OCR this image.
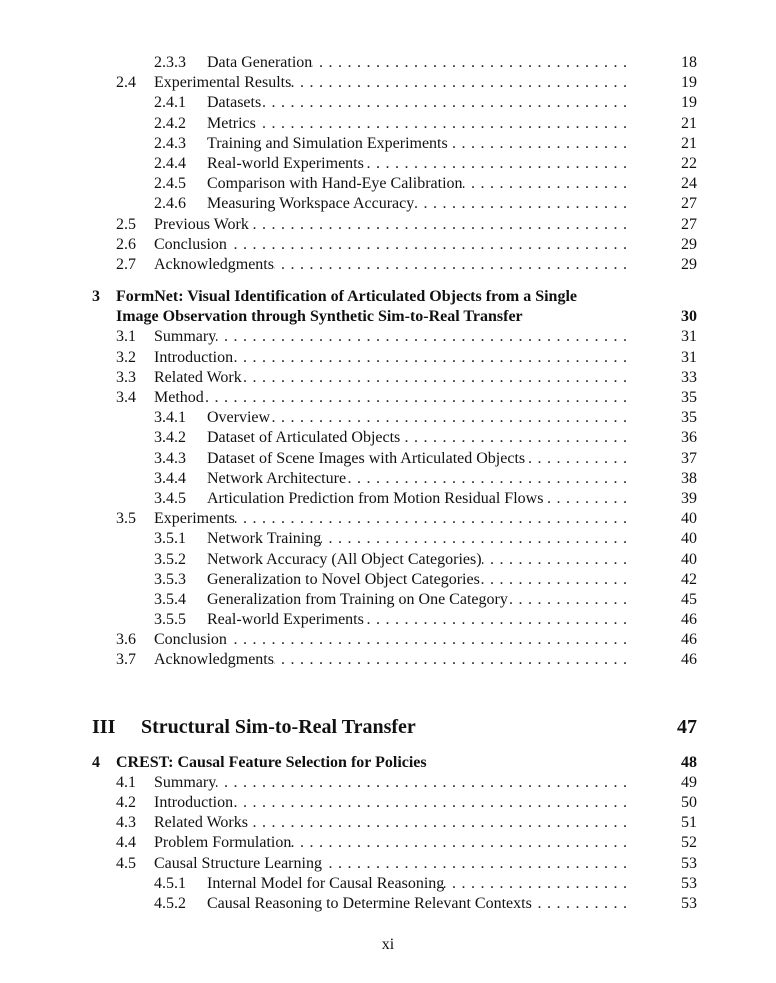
2.3.3	Data Generation . . .	18
2.4	Experimental Results . . .	19
2.4.1	Datasets . . .	19
2.4.2	Metrics . . .	21
2.4.3	Training and Simulation Experiments . . .	21
2.4.4	Real-world Experiments . . .	22
2.4.5	Comparison with Hand-Eye Calibration . . .	24
2.4.6	Measuring Workspace Accuracy . . .	27
2.5	Previous Work . . .	27
2.6	Conclusion . . .	29
2.7	Acknowledgments . . .	29
3	FormNet: Visual Identification of Articulated Objects from a Single
Image Observation through Synthetic Sim-to-Real Transfer	30
3.1	Summary . . .	31
3.2	Introduction . . .	31
3.3	Related Work . . .	33
3.4	Method . . .	35
3.4.1	Overview . . .	35
3.4.2	Dataset of Articulated Objects . . .	36
3.4.3	Dataset of Scene Images with Articulated Objects . . .	37
3.4.4	Network Architecture . . .	38
3.4.5	Articulation Prediction from Motion Residual Flows . . .	39
3.5	Experiments . . .	40
3.5.1	Network Training . . .	40
3.5.2	Network Accuracy (All Object Categories) . . .	40
3.5.3	Generalization to Novel Object Categories . . .	42
3.5.4	Generalization from Training on One Category . . .	45
3.5.5	Real-world Experiments . . .	46
3.6	Conclusion . . .	46
3.7	Acknowledgments . . .	46
III	Structural Sim-to-Real Transfer	47
4	CREST: Causal Feature Selection for Policies	48
4.1	Summary . . .	49
4.2	Introduction . . .	50
4.3	Related Works . . .	51
4.4	Problem Formulation . . .	52
4.5	Causal Structure Learning . . .	53
4.5.1	Internal Model for Causal Reasoning . . .	53
4.5.2	Causal Reasoning to Determine Relevant Contexts . . .	53
xi
